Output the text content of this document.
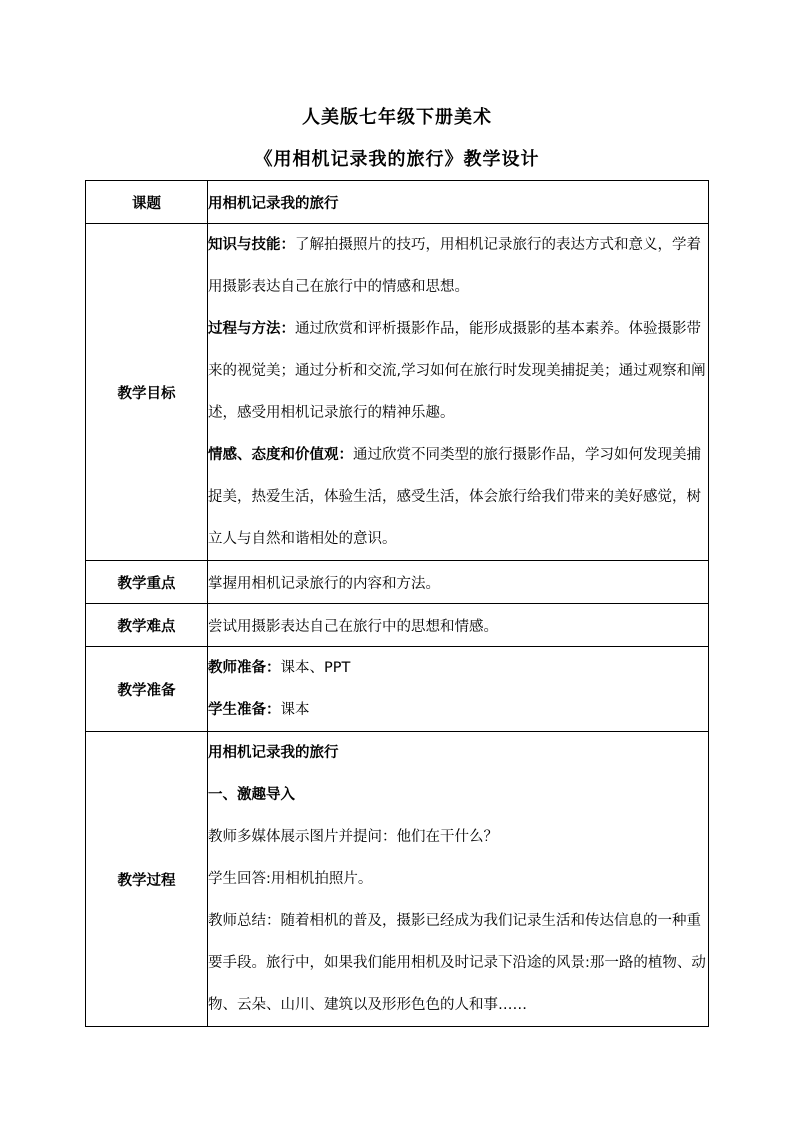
人美版七年级下册美术
《用相机记录我的旅行》教学设计
课题	用相机记录我的旅行
教学目标	知识与技能：了解拍摄照片的技巧，用相机记录旅行的表达方式和意义，学着用摄影表达自己在旅行中的情感和思想。
过程与方法：通过欣赏和评析摄影作品，能形成摄影的基本素养。体验摄影带来的视觉美；通过分析和交流,学习如何在旅行时发现美捕捉美；通过观察和阐述，感受用相机记录旅行的精神乐趣。
情感、态度和价值观：通过欣赏不同类型的旅行摄影作品，学习如何发现美捕捉美，热爱生活，体验生活，感受生活，体会旅行给我们带来的美好感觉，树立人与自然和谐相处的意识。

教学重点	掌握用相机记录旅行的内容和方法。
教学难点	尝试用摄影表达自己在旅行中的思想和情感。
教学准备	教师准备：课本、PPT
学生准备：课本

教学过程	用相机记录我的旅行
一、激趣导入
教师多媒体展示图片并提问：他们在干什么？
学生回答:用相机拍照片。
教师总结：随着相机的普及，摄影已经成为我们记录生活和传达信息的一种重要手段。旅行中，如果我们能用相机及时记录下沿途的风景:那一路的植物、动物、云朵、山川、建筑以及形形色色的人和事……
